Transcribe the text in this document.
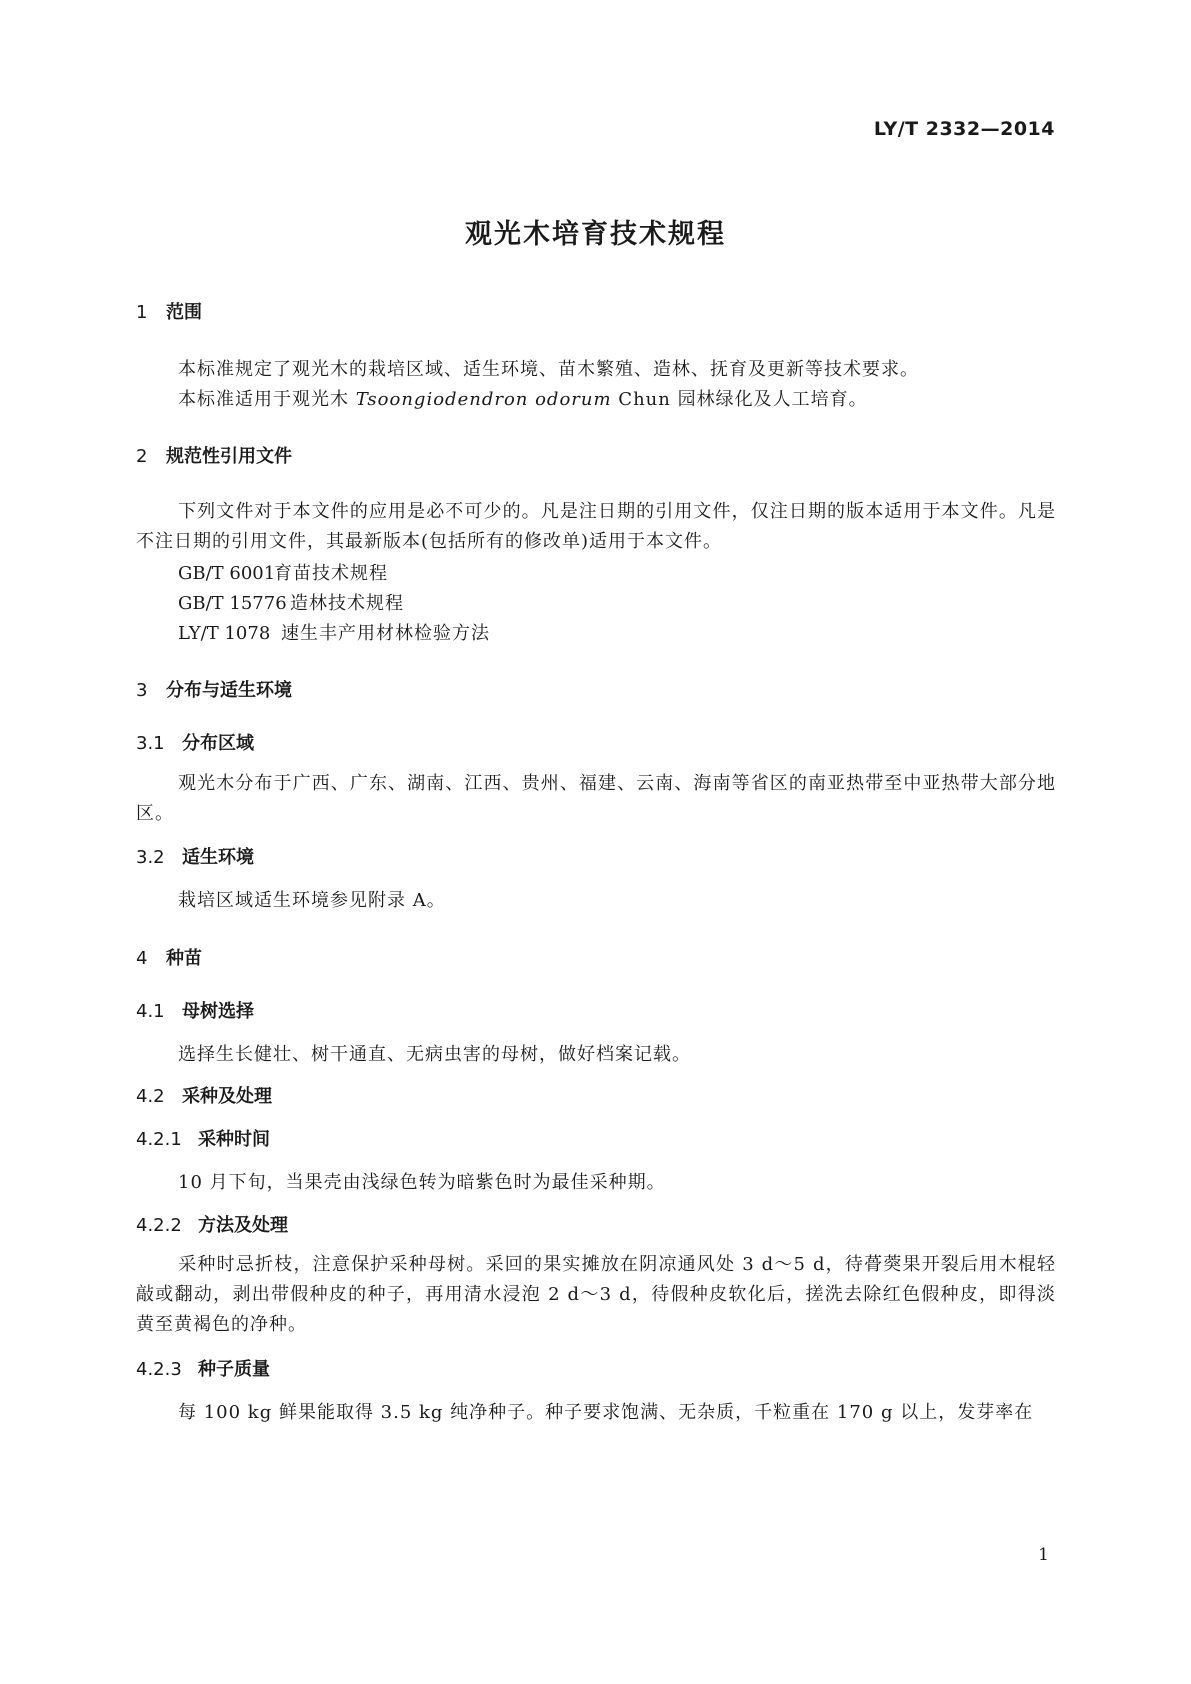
LY/T 2332—2014
观光木培育技术规程
1 范围
本标准规定了观光木的栽培区域、适生环境、苗木繁殖、造林、抚育及更新等技术要求。
本标准适用于观光木 Tsoongiodendron odorum Chun 园林绿化及人工培育。
2 规范性引用文件
下列文件对于本文件的应用是必不可少的。凡是注日期的引用文件，仅注日期的版本适用于本文件。凡是不注日期的引用文件，其最新版本(包括所有的修改单)适用于本文件。
GB/T 6001育苗技术规程
GB/T 15776 造林技术规程
LY/T 1078 速生丰产用材林检验方法
3 分布与适生环境
3.1 分布区域
观光木分布于广西、广东、湖南、江西、贵州、福建、云南、海南等省区的南亚热带至中亚热带大部分地区。
3.2 适生环境
栽培区域适生环境参见附录 A。
4 种苗
4.1 母树选择
选择生长健壮、树干通直、无病虫害的母树，做好档案记载。
4.2 采种及处理
4.2.1 采种时间
10 月下旬，当果壳由浅绿色转为暗紫色时为最佳采种期。
4.2.2 方法及处理
采种时忌折枝，注意保护采种母树。采回的果实摊放在阴凉通风处 3 d～5 d，待蓇葖果开裂后用木棍轻敲或翻动，剥出带假种皮的种子，再用清水浸泡 2 d～3 d，待假种皮软化后，搓洗去除红色假种皮，即得淡黄至黄褐色的净种。
4.2.3 种子质量
每 100 kg 鲜果能取得 3.5 kg 纯净种子。种子要求饱满、无杂质，千粒重在 170 g 以上，发芽率在
1
